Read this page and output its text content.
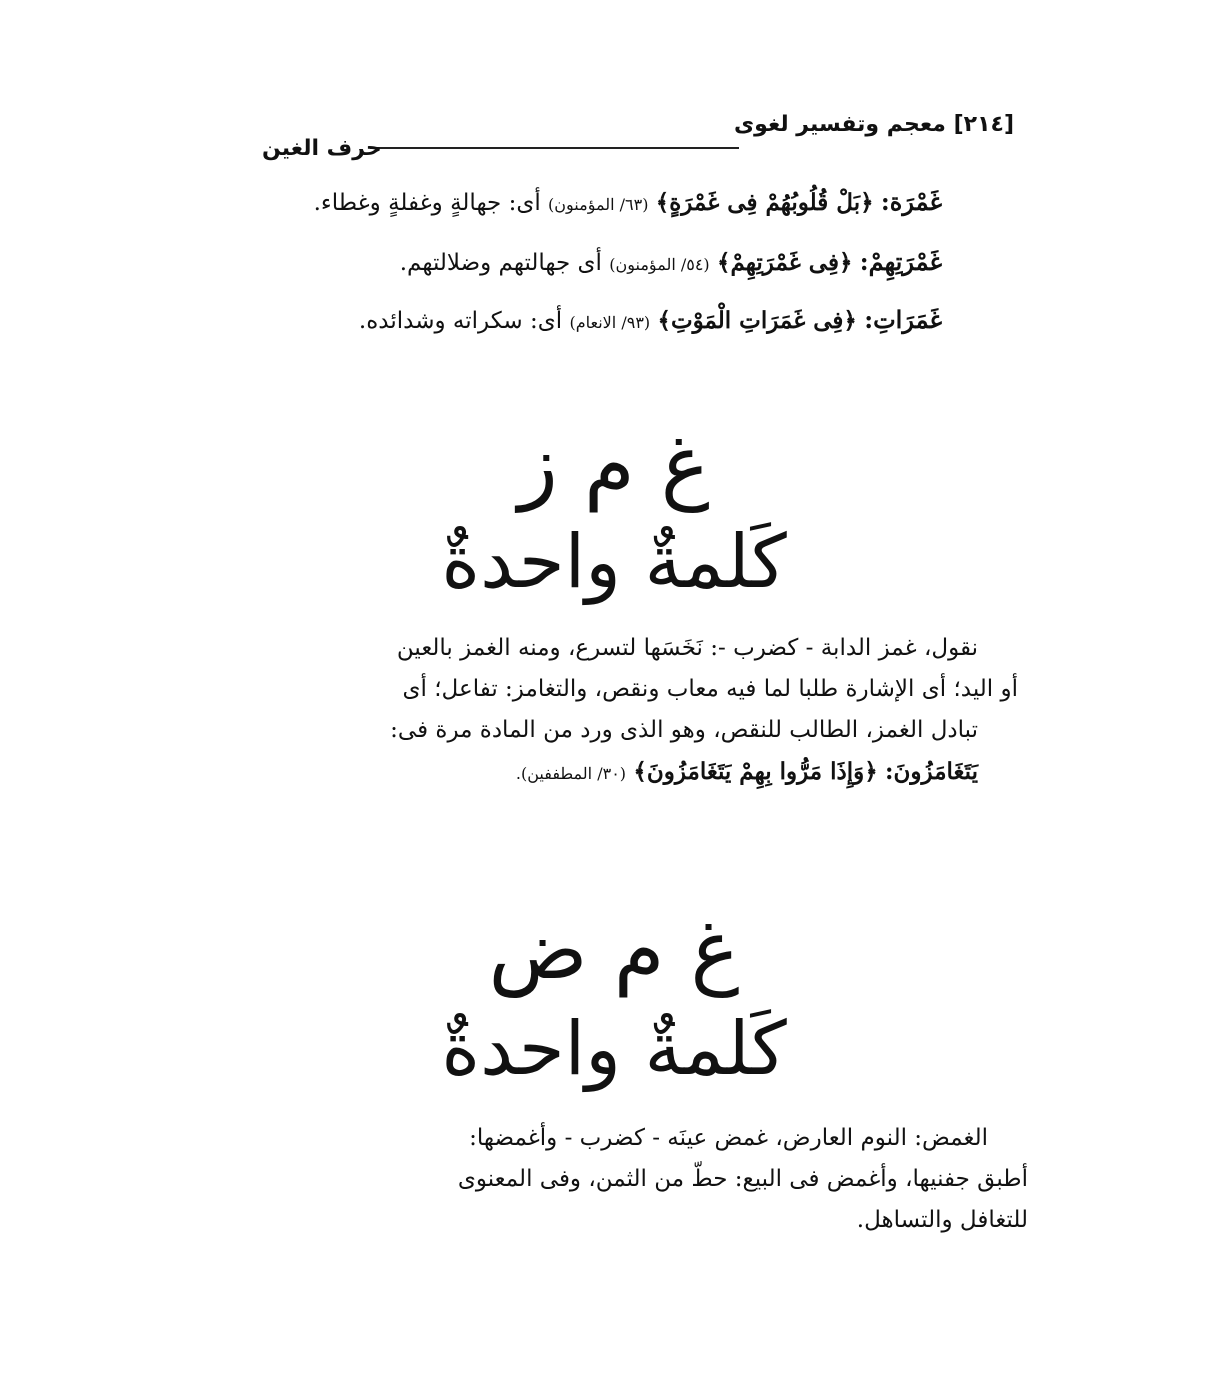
[٢١٤] معجم وتفسير لغوى
حرف الغين
غَمْرَة: ﴿بَلْ قُلُوبُهُمْ فِى غَمْرَةٍ﴾ (٦٣/ المؤمنون) أى: جهالةٍ وغفلةٍ وغطاء.
غَمْرَتِهِمْ: ﴿فِى غَمْرَتِهِمْ﴾ (٥٤/ المؤمنون) أى جهالتهم وضلالتهم.
غَمَرَاتِ: ﴿فِى غَمَرَاتِ الْمَوْتِ﴾ (٩٣/ الانعام) أى: سكراته وشدائده.
غ م ز
كَلمةٌ واحدةٌ

نقول، غمز الدابة - كضرب -: نَخَسَها لتسرع، ومنه الغمز بالعين

أو اليد؛ أى الإشارة طلبا لما فيه معاب ونقص، والتغامز: تفاعل؛ أى

تبادل الغمز، الطالب للنقص، وهو الذى ورد من المادة مرة فى:

يَتَغَامَزُونَ: ﴿وَإِذَا مَرُّوا بِهِمْ يَتَغَامَزُونَ﴾ (٣٠/ المطففين).

غ م ض
كَلمةٌ واحدةٌ

الغمض: النوم العارض، غمض عينَه - كضرب - وأغمضها:

أطبق جفنيها، وأغمض فى البيع: حطّ من الثمن، وفى المعنوى

للتغافل والتساهل.
